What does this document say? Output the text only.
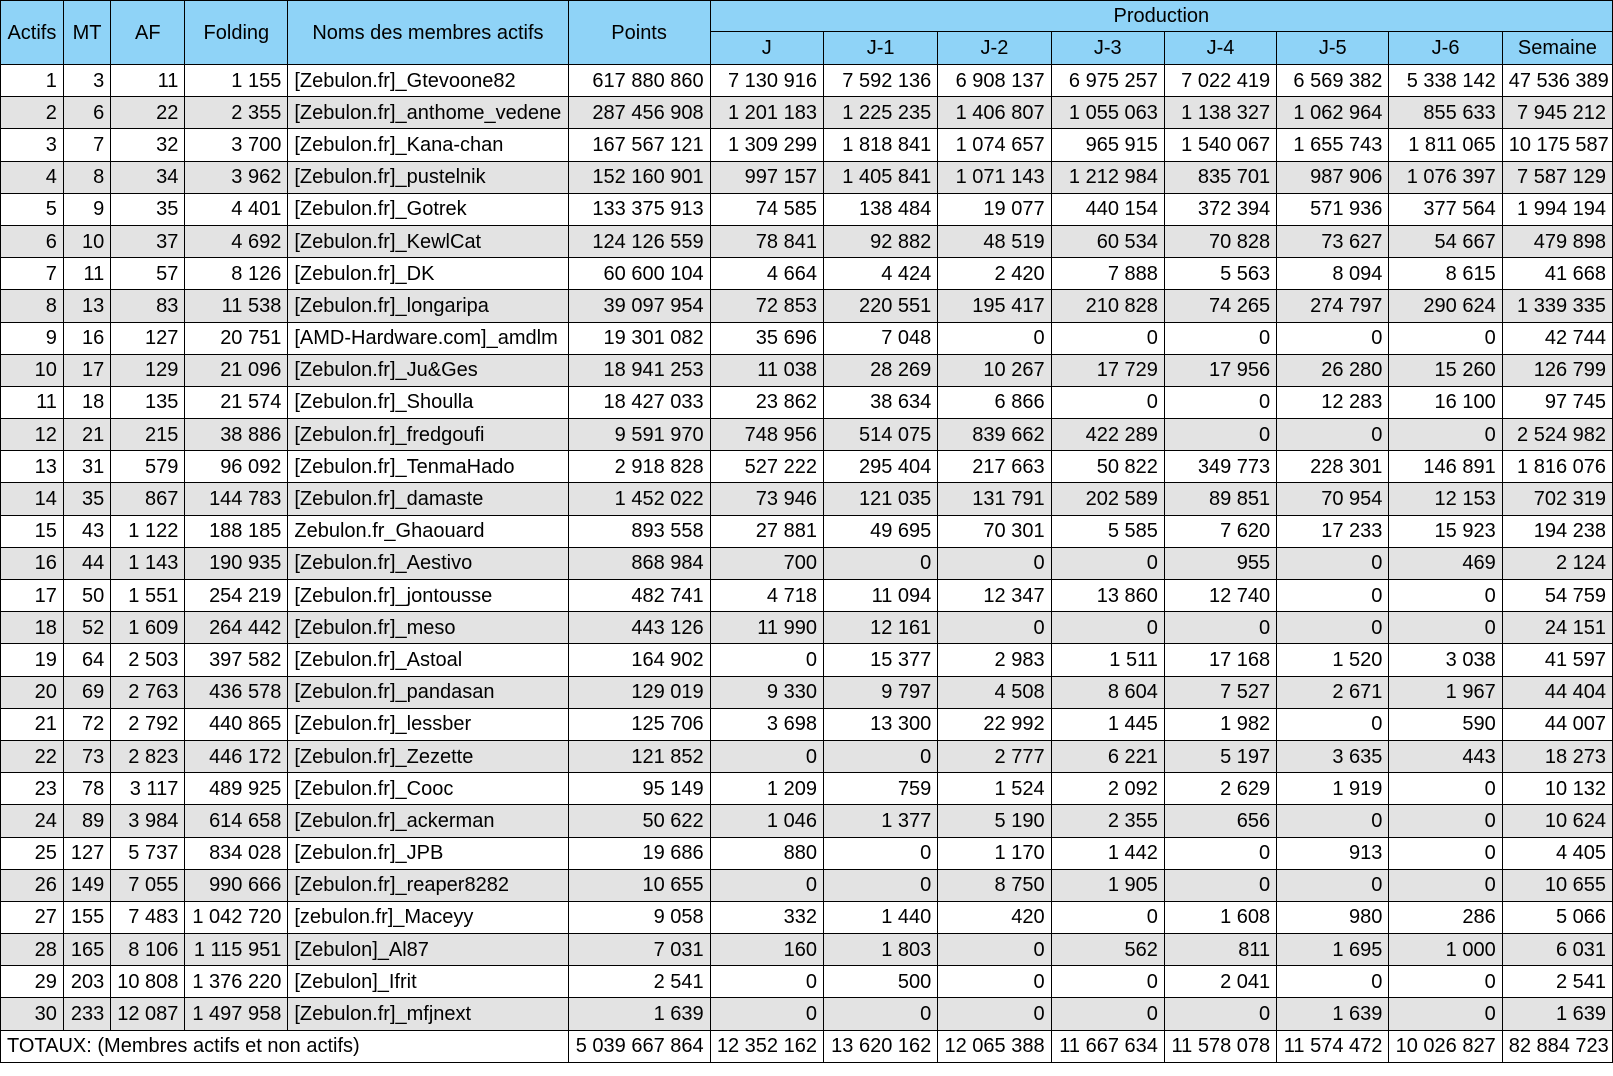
Actifs	MT	AF	Folding	Noms des membres actifs	Points	Production							
						J	J-1	J-2	J-3	J-4	J-5	J-6	Semaine
1	3	11	1 155	[Zebulon.fr]_Gtevoone82	617 880 860	7 130 916	7 592 136	6 908 137	6 975 257	7 022 419	6 569 382	5 338 142	47 536 389
2	6	22	2 355	[Zebulon.fr]_anthome_vedene	287 456 908	1 201 183	1 225 235	1 406 807	1 055 063	1 138 327	1 062 964	855 633	7 945 212
3	7	32	3 700	[Zebulon.fr]_Kana-chan	167 567 121	1 309 299	1 818 841	1 074 657	965 915	1 540 067	1 655 743	1 811 065	10 175 587
4	8	34	3 962	[Zebulon.fr]_pustelnik	152 160 901	997 157	1 405 841	1 071 143	1 212 984	835 701	987 906	1 076 397	7 587 129
5	9	35	4 401	[Zebulon.fr]_Gotrek	133 375 913	74 585	138 484	19 077	440 154	372 394	571 936	377 564	1 994 194
6	10	37	4 692	[Zebulon.fr]_KewlCat	124 126 559	78 841	92 882	48 519	60 534	70 828	73 627	54 667	479 898
7	11	57	8 126	[Zebulon.fr]_DK	60 600 104	4 664	4 424	2 420	7 888	5 563	8 094	8 615	41 668
8	13	83	11 538	[Zebulon.fr]_longaripa	39 097 954	72 853	220 551	195 417	210 828	74 265	274 797	290 624	1 339 335
9	16	127	20 751	[AMD-Hardware.com]_amdlm	19 301 082	35 696	7 048	0	0	0	0	0	42 744
10	17	129	21 096	[Zebulon.fr]_Ju&Ges	18 941 253	11 038	28 269	10 267	17 729	17 956	26 280	15 260	126 799
11	18	135	21 574	[Zebulon.fr]_Shoulla	18 427 033	23 862	38 634	6 866	0	0	12 283	16 100	97 745
12	21	215	38 886	[Zebulon.fr]_fredgoufi	9 591 970	748 956	514 075	839 662	422 289	0	0	0	2 524 982
13	31	579	96 092	[Zebulon.fr]_TenmaHado	2 918 828	527 222	295 404	217 663	50 822	349 773	228 301	146 891	1 816 076
14	35	867	144 783	[Zebulon.fr]_damaste	1 452 022	73 946	121 035	131 791	202 589	89 851	70 954	12 153	702 319
15	43	1 122	188 185	Zebulon.fr_Ghaouard	893 558	27 881	49 695	70 301	5 585	7 620	17 233	15 923	194 238
16	44	1 143	190 935	[Zebulon.fr]_Aestivo	868 984	700	0	0	0	955	0	469	2 124
17	50	1 551	254 219	[Zebulon.fr]_jontousse	482 741	4 718	11 094	12 347	13 860	12 740	0	0	54 759
18	52	1 609	264 442	[Zebulon.fr]_meso	443 126	11 990	12 161	0	0	0	0	0	24 151
19	64	2 503	397 582	[Zebulon.fr]_Astoal	164 902	0	15 377	2 983	1 511	17 168	1 520	3 038	41 597
20	69	2 763	436 578	[Zebulon.fr]_pandasan	129 019	9 330	9 797	4 508	8 604	7 527	2 671	1 967	44 404
21	72	2 792	440 865	[Zebulon.fr]_lessber	125 706	3 698	13 300	22 992	1 445	1 982	0	590	44 007
22	73	2 823	446 172	[Zebulon.fr]_Zezette	121 852	0	0	2 777	6 221	5 197	3 635	443	18 273
23	78	3 117	489 925	[Zebulon.fr]_Cooc	95 149	1 209	759	1 524	2 092	2 629	1 919	0	10 132
24	89	3 984	614 658	[Zebulon.fr]_ackerman	50 622	1 046	1 377	5 190	2 355	656	0	0	10 624
25	127	5 737	834 028	[Zebulon.fr]_JPB	19 686	880	0	1 170	1 442	0	913	0	4 405
26	149	7 055	990 666	[Zebulon.fr]_reaper8282	10 655	0	0	8 750	1 905	0	0	0	10 655
27	155	7 483	1 042 720	[zebulon.fr]_Maceyy	9 058	332	1 440	420	0	1 608	980	286	5 066
28	165	8 106	1 115 951	[Zebulon]_Al87	7 031	160	1 803	0	562	811	1 695	1 000	6 031
29	203	10 808	1 376 220	[Zebulon]_Ifrit	2 541	0	500	0	0	2 041	0	0	2 541
30	233	12 087	1 497 958	[Zebulon.fr]_mfjnext	1 639	0	0	0	0	0	1 639	0	1 639
TOTAUX: (Membres actifs et non actifs)					5 039 667 864	12 352 162	13 620 162	12 065 388	11 667 634	11 578 078	11 574 472	10 026 827	82 884 723
